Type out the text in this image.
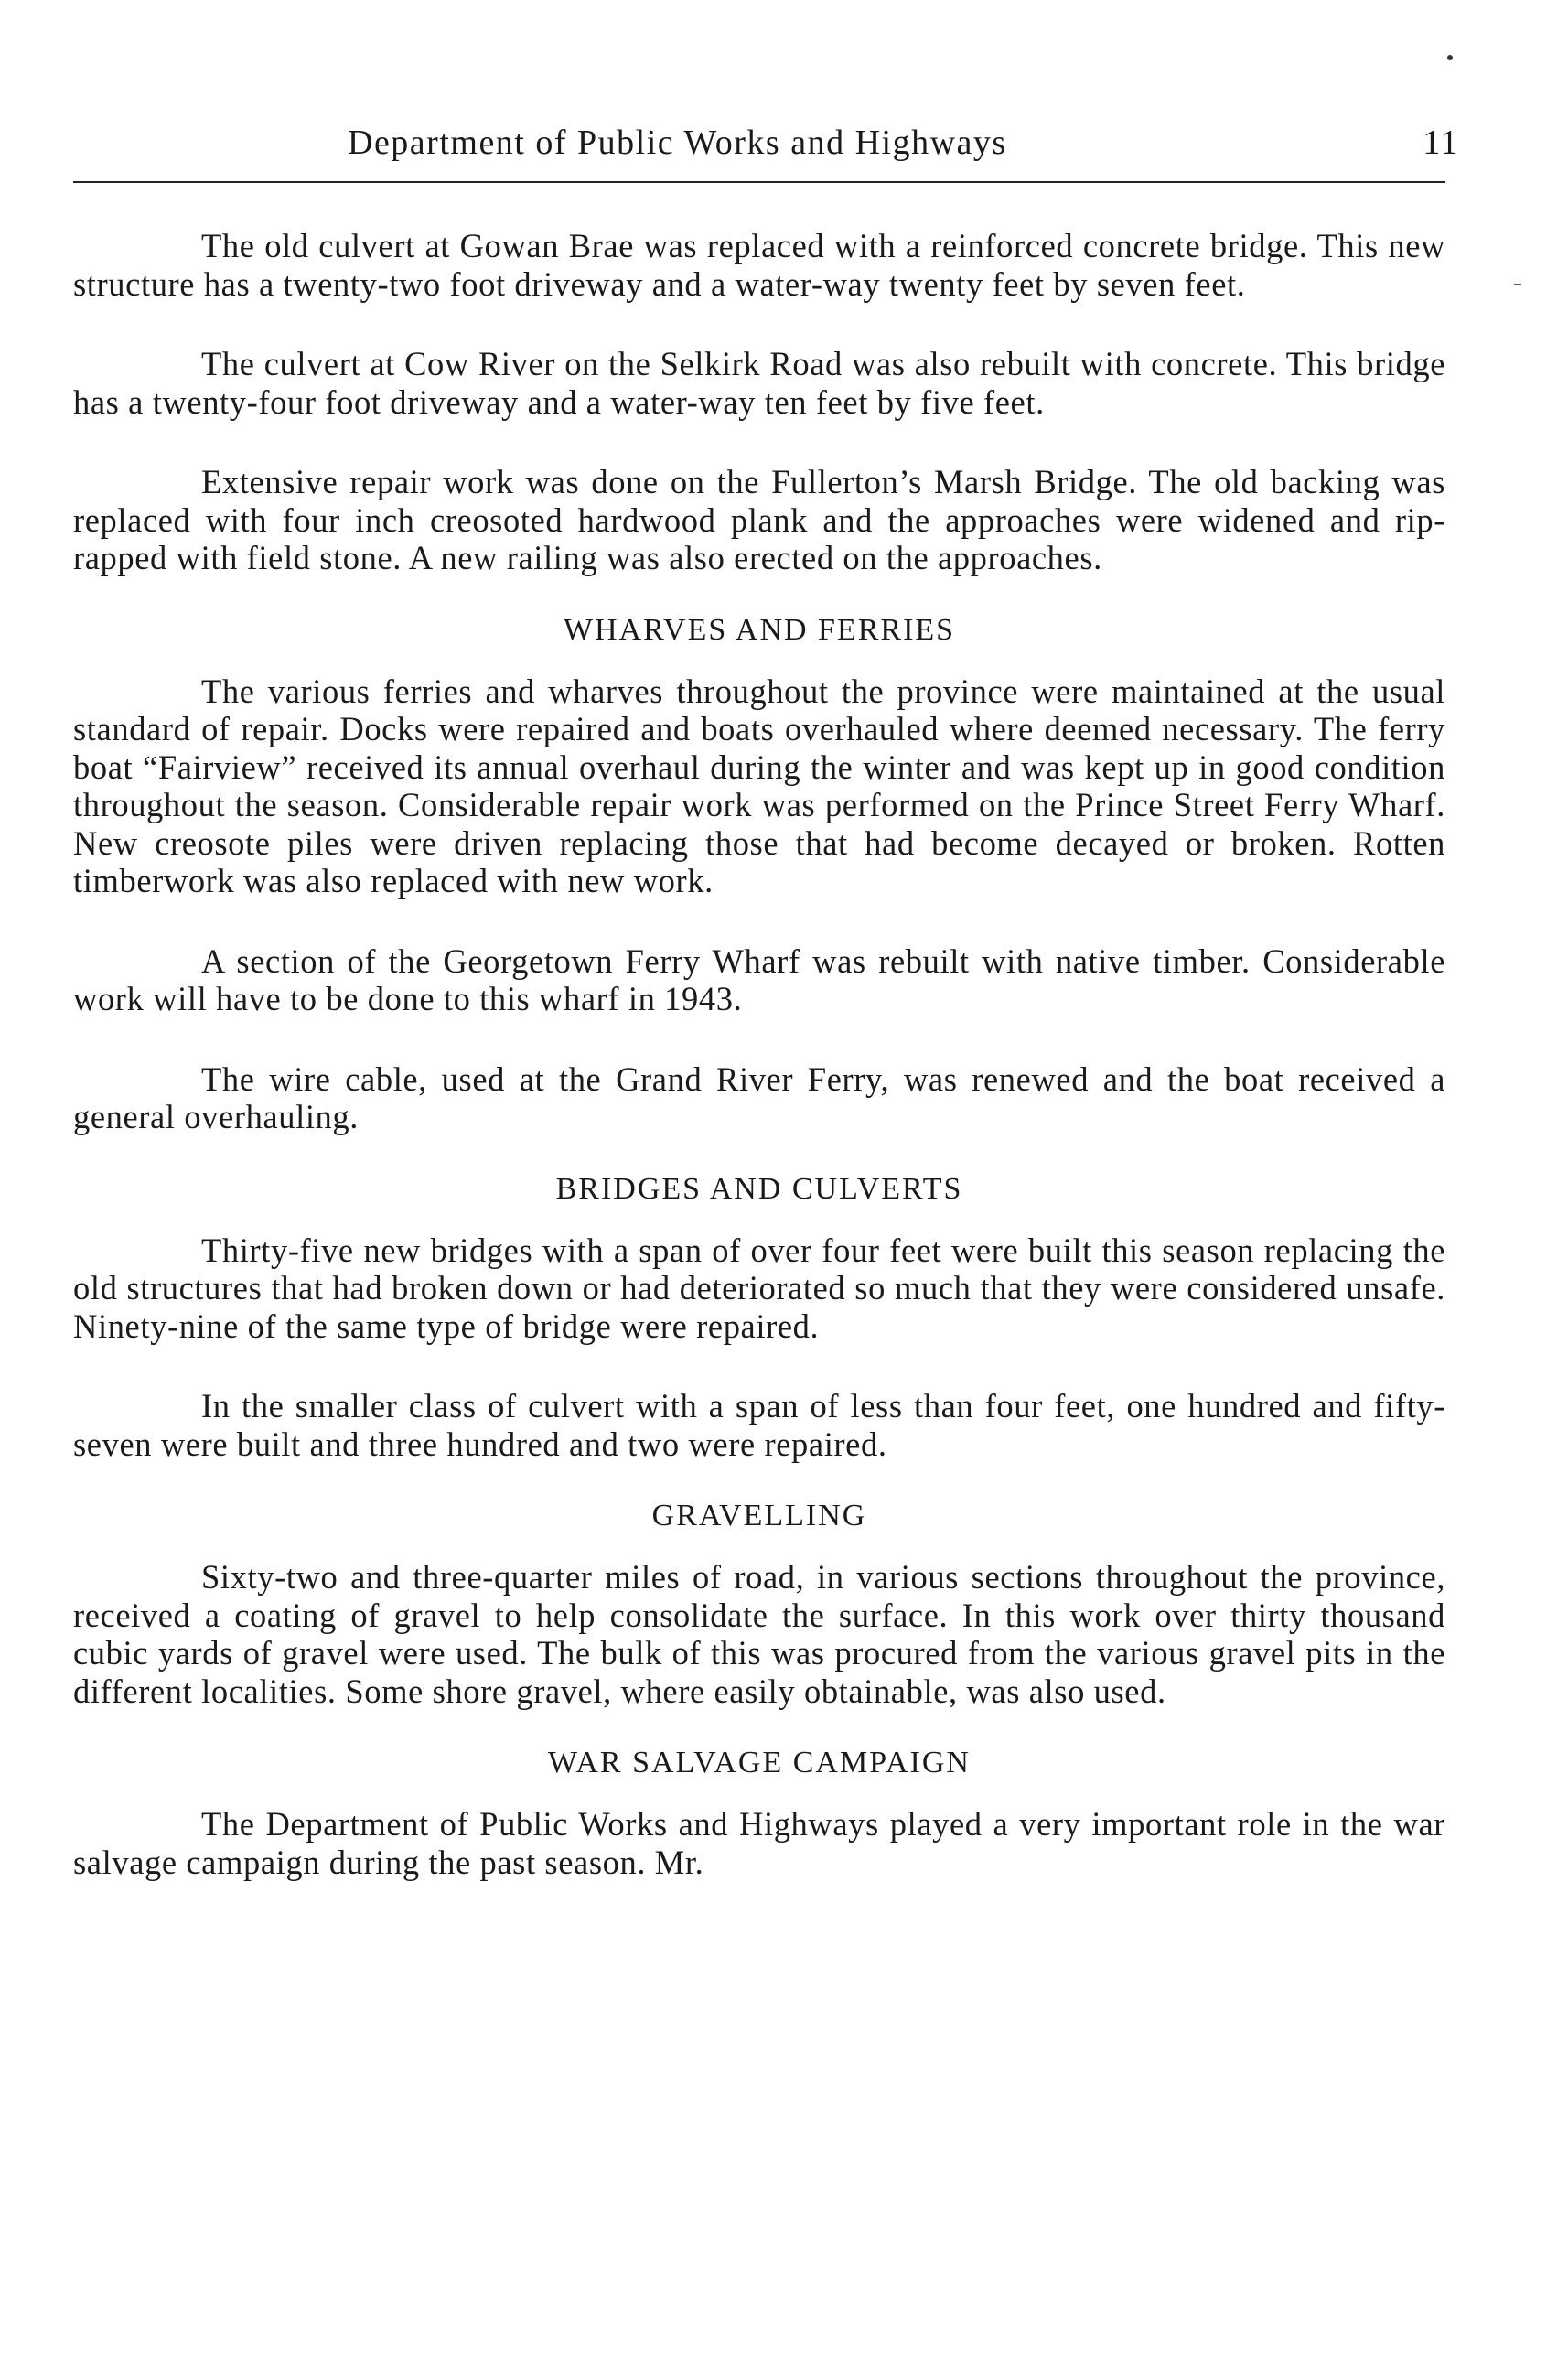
Department of Public Works and Highways	11

The old culvert at Gowan Brae was replaced with a reinforced concrete bridge. This new structure has a twenty-two foot driveway and a water-way twenty feet by seven feet.

The culvert at Cow River on the Selkirk Road was also rebuilt with concrete. This bridge has a twenty-four foot driveway and a water-way ten feet by five feet.

Extensive repair work was done on the Fullerton’s Marsh Bridge. The old backing was replaced with four inch creosoted hardwood plank and the approaches were widened and rip-rapped with field stone. A new railing was also erected on the approaches.

WHARVES AND FERRIES

The various ferries and wharves throughout the province were maintained at the usual standard of repair. Docks were repaired and boats overhauled where deemed necessary. The ferry boat “Fairview” received its annual overhaul during the winter and was kept up in good condition throughout the season. Considerable repair work was performed on the Prince Street Ferry Wharf. New creosote piles were driven replacing those that had become decayed or broken. Rotten timberwork was also replaced with new work.

A section of the Georgetown Ferry Wharf was rebuilt with native timber. Considerable work will have to be done to this wharf in 1943.

The wire cable, used at the Grand River Ferry, was renewed and the boat received a general overhauling.

BRIDGES AND CULVERTS

Thirty-five new bridges with a span of over four feet were built this season replacing the old structures that had broken down or had deteriorated so much that they were considered unsafe. Ninety-nine of the same type of bridge were repaired.

In the smaller class of culvert with a span of less than four feet, one hundred and fifty-seven were built and three hundred and two were repaired.

GRAVELLING

Sixty-two and three-quarter miles of road, in various sections throughout the province, received a coating of gravel to help consolidate the surface. In this work over thirty thousand cubic yards of gravel were used. The bulk of this was procured from the various gravel pits in the different localities. Some shore gravel, where easily obtainable, was also used.

WAR SALVAGE CAMPAIGN

The Department of Public Works and Highways played a very important role in the war salvage campaign during the past season. Mr.
